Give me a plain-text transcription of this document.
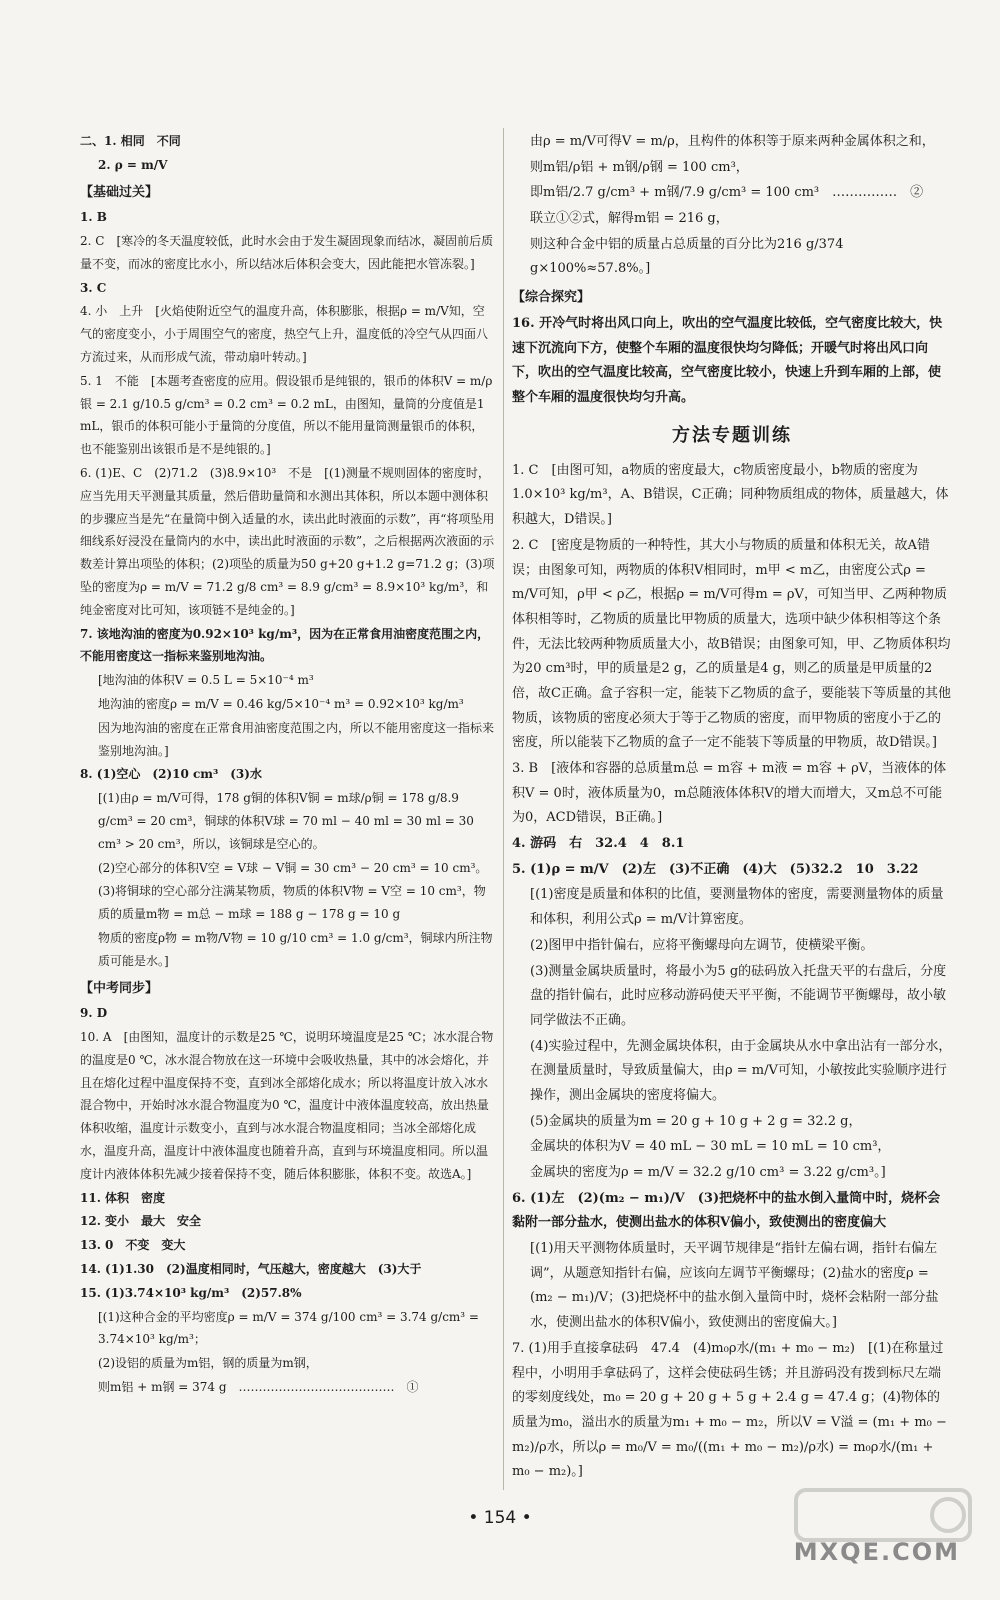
二、1. 相同　不同
2. ρ = m/V
【基础过关】
1. B
2. C　[寒冷的冬天温度较低，此时水会由于发生凝固现象而结冰，凝固前后质量不变，而冰的密度比水小，所以结冰后体积会变大，因此能把水管冻裂。]
3. C
4. 小　上升　[火焰使附近空气的温度升高，体积膨胀，根据ρ = m/V知，空气的密度变小，小于周围空气的密度，热空气上升，温度低的冷空气从四面八方流过来，从而形成气流，带动扇叶转动。]
5. 1　不能　[本题考查密度的应用。假设银币是纯银的，银币的体积V = m/ρ银 = 2.1 g/10.5 g/cm³ = 0.2 cm³ = 0.2 mL，由图知，量筒的分度值是1 mL，银币的体积可能小于量筒的分度值，所以不能用量筒测量银币的体积，也不能鉴别出该银币是不是纯银的。]
6. (1)E、C　(2)71.2　(3)8.9×10³　不是　[(1)测量不规则固体的密度时，应当先用天平测量其质量，然后借助量筒和水测出其体积，所以本题中测体积的步骤应当是先“在量筒中倒入适量的水，读出此时液面的示数”，再“将项坠用细线系好浸没在量筒内的水中，读出此时液面的示数”，之后根据两次液面的示数差计算出项坠的体积；(2)项坠的质量为50 g+20 g+1.2 g=71.2 g；(3)项坠的密度为ρ = m/V = 71.2 g/8 cm³ = 8.9 g/cm³ = 8.9×10³ kg/m³，和纯金密度对比可知，该项链不是纯金的。]
7. 该地沟油的密度为0.92×10³ kg/m³，因为在正常食用油密度范围之内，不能用密度这一指标来鉴别地沟油。
[地沟油的体积V = 0.5 L = 5×10⁻⁴ m³
地沟油的密度ρ = m/V = 0.46 kg/5×10⁻⁴ m³ = 0.92×10³ kg/m³
因为地沟油的密度在正常食用油密度范围之内，所以不能用密度这一指标来鉴别地沟油。]
8. (1)空心　(2)10 cm³　(3)水
[(1)由ρ = m/V可得，178 g铜的体积V铜 = m球/ρ铜 = 178 g/8.9 g/cm³ = 20 cm³，铜球的体积V球 = 70 ml − 40 ml = 30 ml = 30 cm³ > 20 cm³，所以，该铜球是空心的。
(2)空心部分的体积V空 = V球 − V铜 = 30 cm³ − 20 cm³ = 10 cm³。
(3)将铜球的空心部分注满某物质，物质的体积V物 = V空 = 10 cm³，物质的质量m物 = m总 − m球 = 188 g − 178 g = 10 g
物质的密度ρ物 = m物/V物 = 10 g/10 cm³ = 1.0 g/cm³，铜球内所注物质可能是水。]
【中考同步】
9. D
10. A　[由图知，温度计的示数是25 ℃，说明环境温度是25 ℃；冰水混合物的温度是0 ℃，冰水混合物放在这一环境中会吸收热量，其中的冰会熔化，并且在熔化过程中温度保持不变，直到冰全部熔化成水；所以将温度计放入冰水混合物中，开始时冰水混合物温度为0 ℃，温度计中液体温度较高，放出热量体积收缩，温度计示数变小，直到与冰水混合物温度相同；当冰全部熔化成水，温度升高，温度计中液体温度也随着升高，直到与环境温度相同。所以温度计内液体体积先减少接着保持不变，随后体积膨胀，体积不变。故选A。]
11. 体积　密度
12. 变小　最大　安全
13. 0　不变　变大
14. (1)1.30　(2)温度相同时，气压越大，密度越大　(3)大于
15. (1)3.74×10³ kg/m³　(2)57.8%
[(1)这种合金的平均密度ρ = m/V = 374 g/100 cm³ = 3.74 g/cm³ = 3.74×10³ kg/m³；
(2)设铝的质量为m铝，钢的质量为m钢，
则m铝 + m钢 = 374 g　…………………………………　①
由ρ = m/V可得V = m/ρ，且构件的体积等于原来两种金属体积之和，
则m铝/ρ铝 + m钢/ρ钢 = 100 cm³，
即m铝/2.7 g/cm³ + m钢/7.9 g/cm³ = 100 cm³　……………　②
联立①②式，解得m铝 = 216 g，
则这种合金中铝的质量占总质量的百分比为216 g/374 g×100%≈57.8%。]
【综合探究】
16. 开冷气时将出风口向上，吹出的空气温度比较低，空气密度比较大，快速下沉流向下方，使整个车厢的温度很快均匀降低；开暖气时将出风口向下，吹出的空气温度比较高，空气密度比较小，快速上升到车厢的上部，使整个车厢的温度很快均匀升高。
方法专题训练
1. C　[由图可知，a物质的密度最大，c物质密度最小，b物质的密度为1.0×10³ kg/m³，A、B错误，C正确；同种物质组成的物体，质量越大，体积越大，D错误。]
2. C　[密度是物质的一种特性，其大小与物质的质量和体积无关，故A错误；由图象可知，两物质的体积V相同时，m甲 < m乙，由密度公式ρ = m/V可知，ρ甲 < ρ乙，根据ρ = m/V可得m = ρV，可知当甲、乙两种物质体积相等时，乙物质的质量比甲物质的质量大，选项中缺少体积相等这个条件，无法比较两种物质质量大小，故B错误；由图象可知，甲、乙物质体积均为20 cm³时，甲的质量是2 g，乙的质量是4 g，则乙的质量是甲质量的2倍，故C正确。盒子容积一定，能装下乙物质的盒子，要能装下等质量的其他物质，该物质的密度必须大于等于乙物质的密度，而甲物质的密度小于乙的密度，所以能装下乙物质的盒子一定不能装下等质量的甲物质，故D错误。]
3. B　[液体和容器的总质量m总 = m容 + m液 = m容 + ρV，当液体的体积V = 0时，液体质量为0，m总随液体体积V的增大而增大，又m总不可能为0，ACD错误，B正确。]
4. 游码　右　32.4　4　8.1
5. (1)ρ = m/V　(2)左　(3)不正确　(4)大　(5)32.2　10　3.22
[(1)密度是质量和体积的比值，要测量物体的密度，需要测量物体的质量和体积，利用公式ρ = m/V计算密度。
(2)图甲中指针偏右，应将平衡螺母向左调节，使横梁平衡。
(3)测量金属块质量时，将最小为5 g的砝码放入托盘天平的右盘后，分度盘的指针偏右，此时应移动游码使天平平衡，不能调节平衡螺母，故小敏同学做法不正确。
(4)实验过程中，先测金属块体积，由于金属块从水中拿出沾有一部分水，在测量质量时，导致质量偏大，由ρ = m/V可知，小敏按此实验顺序进行操作，测出金属块的密度将偏大。
(5)金属块的质量为m = 20 g + 10 g + 2 g = 32.2 g，
金属块的体积为V = 40 mL − 30 mL = 10 mL = 10 cm³，
金属块的密度为ρ = m/V = 32.2 g/10 cm³ = 3.22 g/cm³。]
6. (1)左　(2)(m₂ − m₁)/V　(3)把烧杯中的盐水倒入量筒中时，烧杯会黏附一部分盐水，使测出盐水的体积V偏小，致使测出的密度偏大
[(1)用天平测物体质量时，天平调节规律是“指针左偏右调，指针右偏左调”，从题意知指针右偏，应该向左调节平衡螺母；(2)盐水的密度ρ = (m₂ − m₁)/V；(3)把烧杯中的盐水倒入量筒中时，烧杯会粘附一部分盐水，使测出盐水的体积V偏小，致使测出的密度偏大。]
7. (1)用手直接拿砝码　47.4　(4)m₀ρ水/(m₁ + m₀ − m₂)　[(1)在称量过程中，小明用手拿砝码了，这样会使砝码生锈；并且游码没有拨到标尺左端的零刻度线处，m₀ = 20 g + 20 g + 5 g + 2.4 g = 47.4 g；(4)物体的质量为m₀，溢出水的质量为m₁ + m₀ − m₂，所以V = V溢 = (m₁ + m₀ − m₂)/ρ水，所以ρ = m₀/V = m₀/((m₁ + m₀ − m₂)/ρ水) = m₀ρ水/(m₁ + m₀ − m₂)。]
• 154 •
MXQE.COM
